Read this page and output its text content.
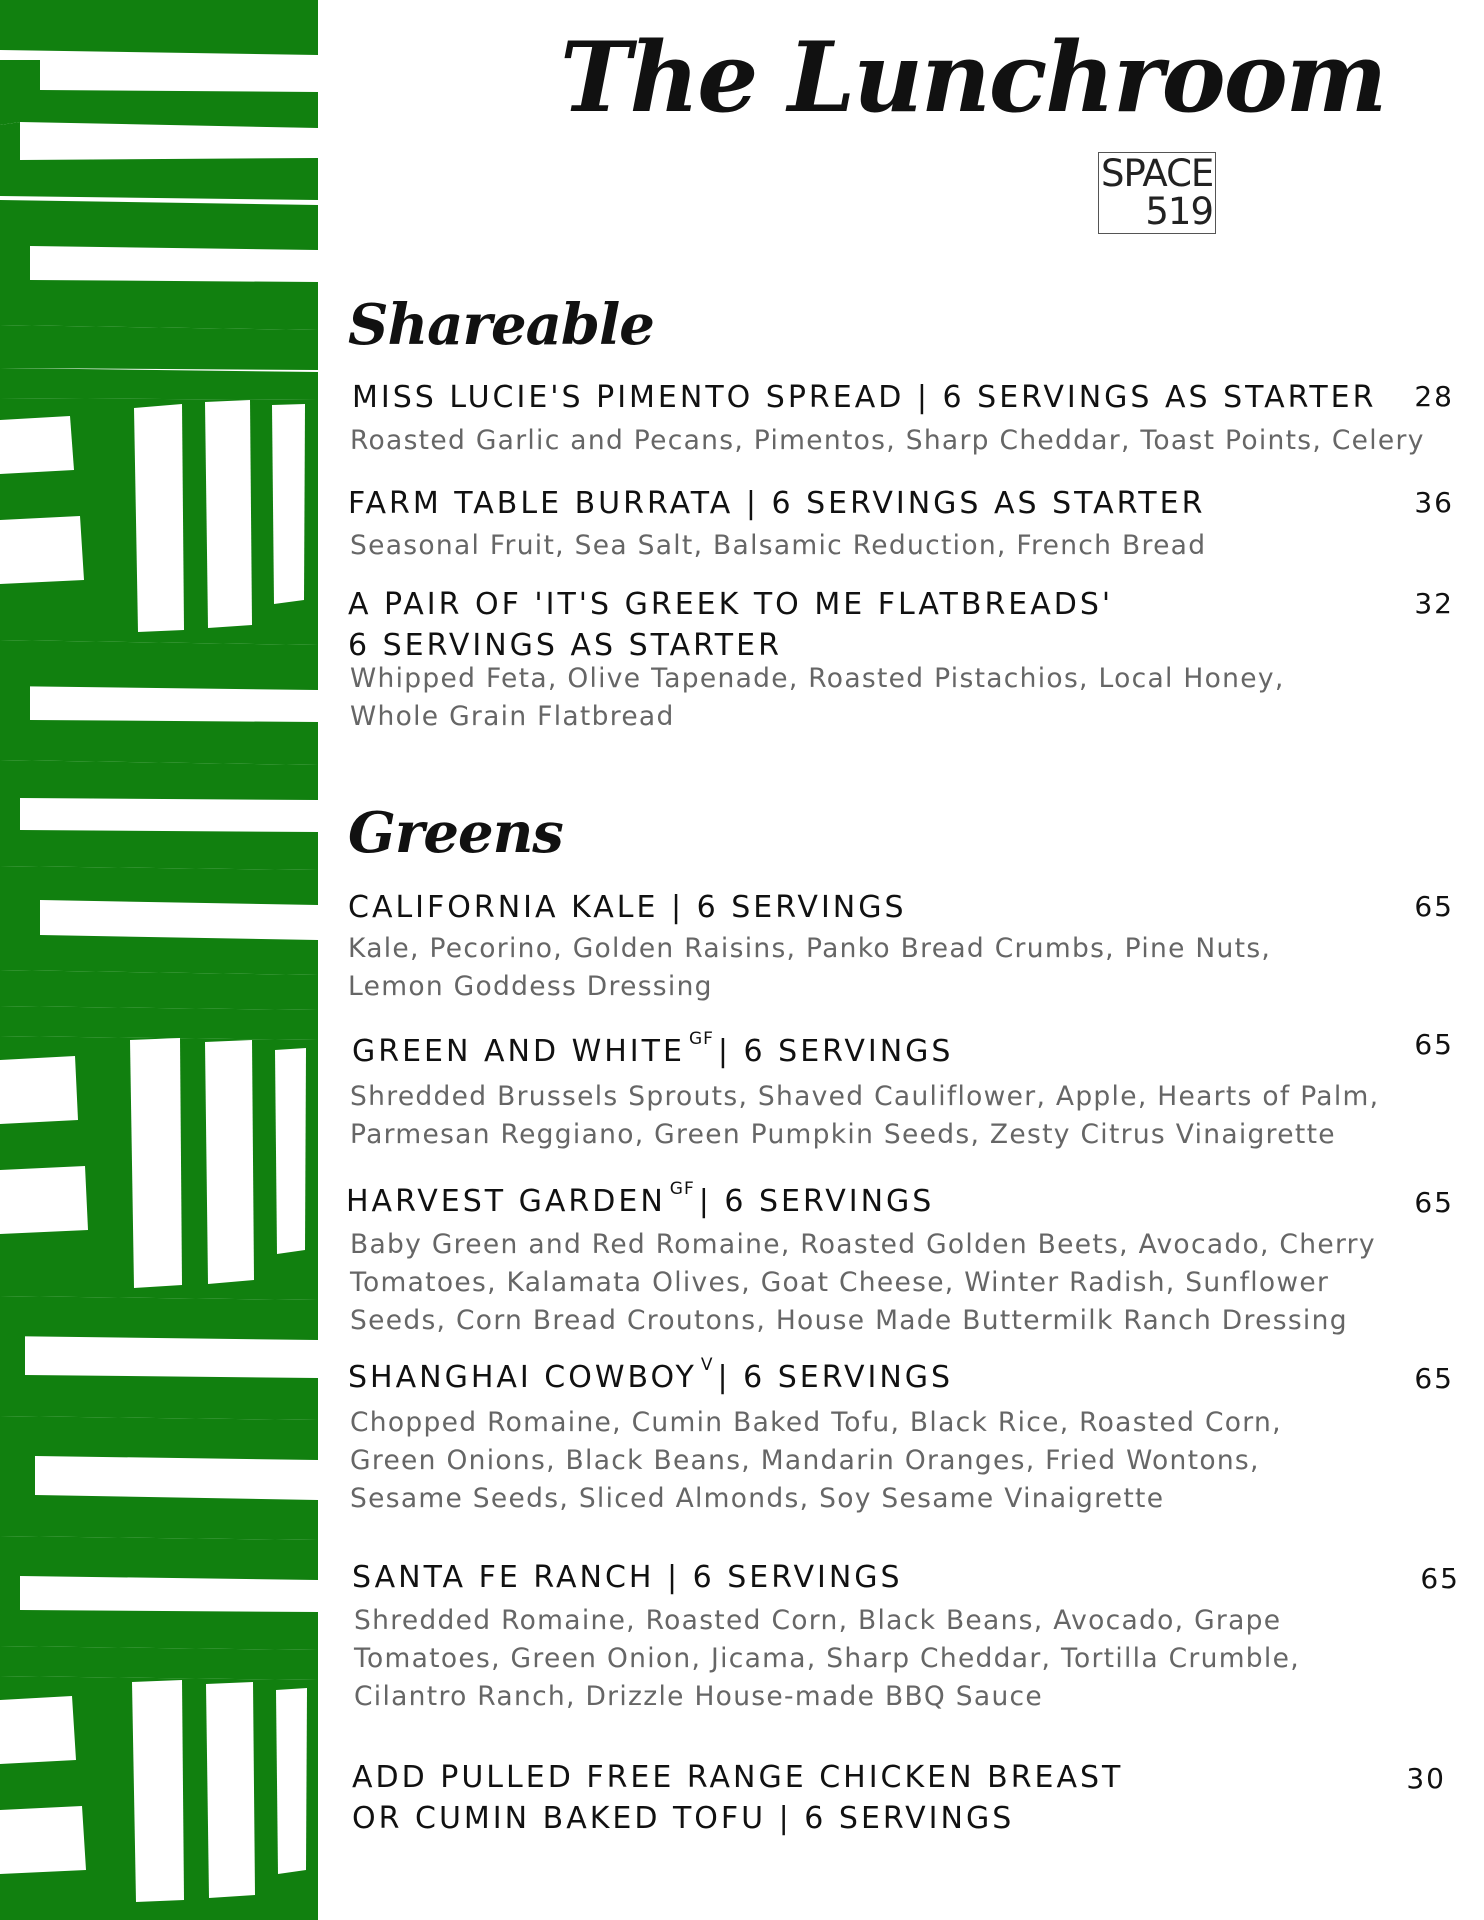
The Lunchroom
SPACE
519
Shareable
MISS LUCIE'S PIMENTO SPREAD | 6 SERVINGS AS STARTER	28
Roasted Garlic and Pecans, Pimentos, Sharp Cheddar, Toast Points, Celery
FARM TABLE BURRATA | 6 SERVINGS AS STARTER	36
Seasonal Fruit, Sea Salt, Balsamic Reduction, French Bread
A PAIR OF 'IT'S GREEK TO ME FLATBREADS'
6 SERVINGS AS STARTER
32
Whipped Feta, Olive Tapenade, Roasted Pistachios, Local Honey,
Whole Grain Flatbread
Greens
CALIFORNIA KALE | 6 SERVINGS	65
Kale, Pecorino, Golden Raisins, Panko Bread Crumbs, Pine Nuts,
Lemon Goddess Dressing
GREEN AND WHITE $^{GF}$ | 6 SERVINGS	65
Shredded Brussels Sprouts, Shaved Cauliflower, Apple, Hearts of Palm,
Parmesan Reggiano, Green Pumpkin Seeds, Zesty Citrus Vinaigrette
HARVEST GARDEN $^{GF}$ | 6 SERVINGS	65
Baby Green and Red Romaine, Roasted Golden Beets, Avocado, Cherry
Tomatoes, Kalamata Olives, Goat Cheese, Winter Radish, Sunflower
Seeds, Corn Bread Croutons, House Made Buttermilk Ranch Dressing
SHANGHAI COWBOY $^V$ | 6 SERVINGS	65
Chopped Romaine, Cumin Baked Tofu, Black Rice, Roasted Corn,
Green Onions, Black Beans, Mandarin Oranges, Fried Wontons,
Sesame Seeds, Sliced Almonds, Soy Sesame Vinaigrette
SANTA FE RANCH | 6 SERVINGS	65
Shredded Romaine, Roasted Corn, Black Beans, Avocado, Grape
Tomatoes, Green Onion, Jicama, Sharp Cheddar, Tortilla Crumble,
Cilantro Ranch, Drizzle House-made BBQ Sauce
ADD PULLED FREE RANGE CHICKEN BREAST
OR CUMIN BAKED TOFU | 6 SERVINGS
30
